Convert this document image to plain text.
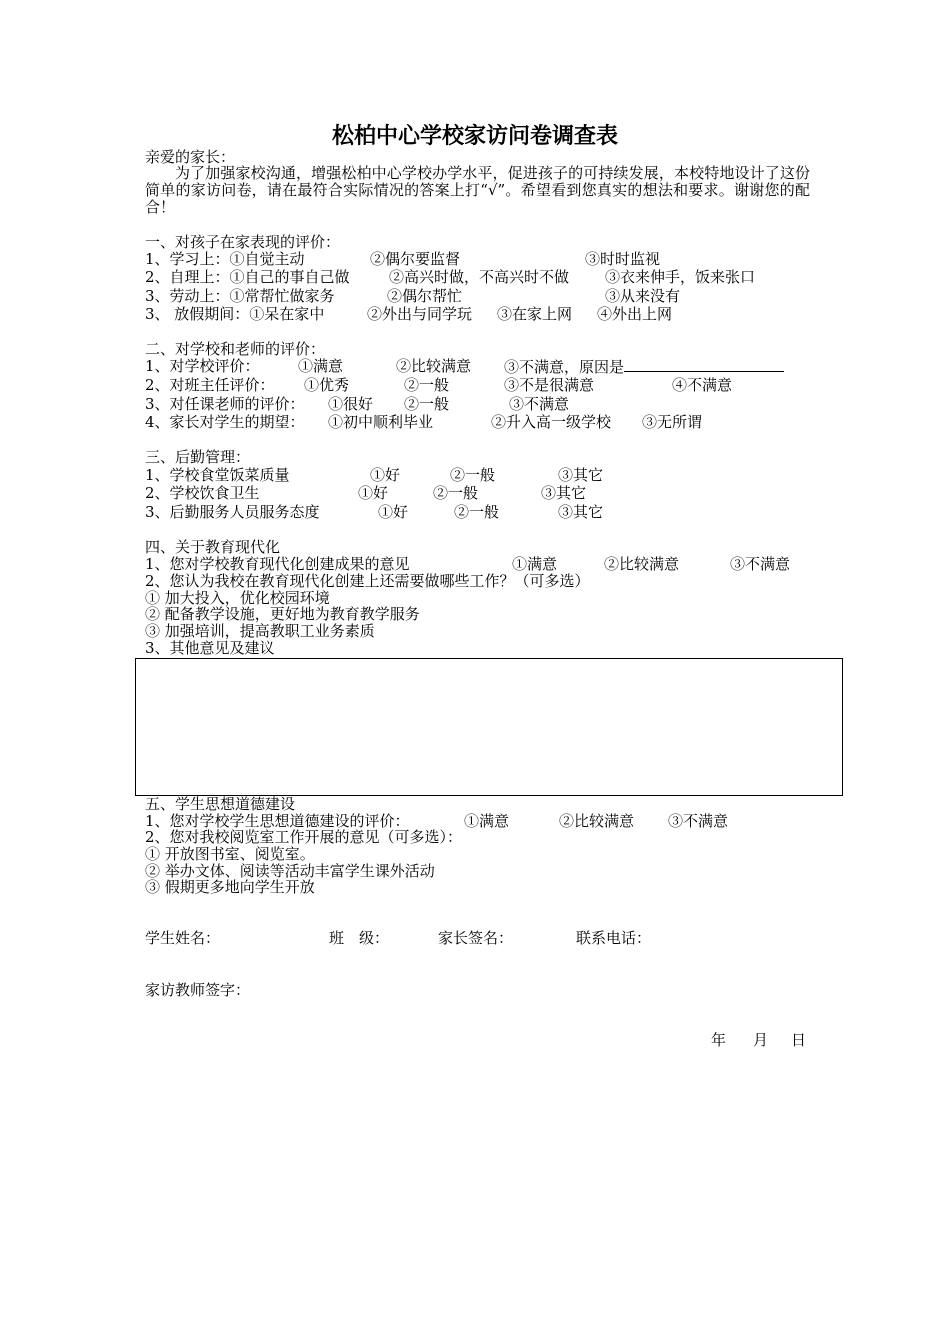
松柏中心学校家访问卷调查表
亲爱的家长：
为了加强家校沟通，增强松柏中心学校办学水平，促进孩子的可持续发展，本校特地设计了这份简单的家访问卷，请在最符合实际情况的答案上打“√”。希望看到您真实的想法和要求。谢谢您的配合！
一、对孩子在家表现的评价：
1、学习上：①自觉主动	②偶尔要监督	③时时监视
2、自理上：①自己的事自己做	②高兴时做，不高兴时不做 ③衣来伸手，饭来张口
3、劳动上：①常帮忙做家务	②偶尔帮忙	③从来没有
3、 放假期间：①呆在家中	②外出与同学玩 ③在家上网 ④外出上网
二、对学校和老师的评价：
1、对学校评价：	①满意	②比较满意 ③不满意，原因是
2、对班主任评价： ①优秀	②一般	③不是很满意	④不满意
3、对任课老师的评价： ①很好 ②一般	③不满意
4、家长对学生的期望： ①初中顺利毕业	②升入高一级学校 ③无所谓
三、后勤管理：
1、学校食堂饭菜质量	①好	②一般	③其它
2、学校饮食卫生	①好	②一般	③其它
3、后勤服务人员服务态度	①好	②一般	③其它
四、关于教育现代化
1、您对学校教育现代化创建成果的意见	①满意	②比较满意	③不满意
2、您认为我校在教育现代化创建上还需要做哪些工作？（可多选）
① 加大投入，优化校园环境
② 配备教学设施，更好地为教育教学服务
③ 加强培训，提高教职工业务素质
3、其他意见及建议
五、学生思想道德建设
1、您对学校学生思想道德建设的评价：	①满意	②比较满意 ③不满意
2、您对我校阅览室工作开展的意见（可多选）：
① 开放图书室、阅览室。
② 举办文体、阅读等活动丰富学生课外活动
③ 假期更多地向学生开放
学生姓名：	班　级：	家长签名：	联系电话：
家访教师签字：
年 月 日
